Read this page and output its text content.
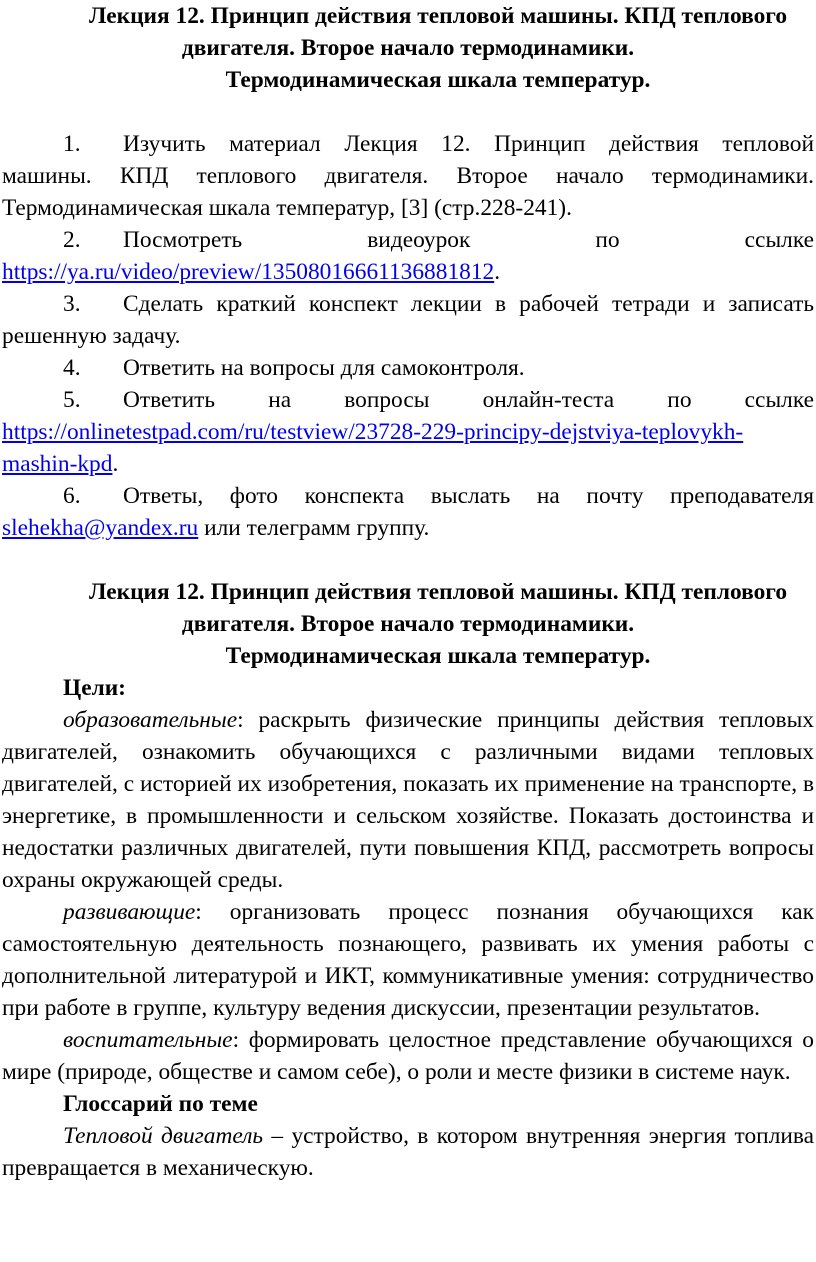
Лекция 12. Принцип действия тепловой машины. КПД теплового
двигателя. Второе начало термодинамики.
Термодинамическая шкала температур.

1. Изучить материал Лекция 12. Принцип действия тепловой

машины. КПД теплового двигателя. Второе начало термодинамики.

Термодинамическая шкала температур, [3] (стр.228-241).

2. Посмотреть видеоурок по ссылке

https://ya.ru/video/preview/13508016661136881812.

3. Сделать краткий конспект лекции в рабочей тетради и записать

решенную задачу.

4. Ответить на вопросы для самоконтроля.

5. Ответить на вопросы онлайн-теста по ссылке

https://onlinetestpad.com/ru/testview/23728-229-principy-dejstviya-teplovykh-

mashin-kpd.

6. Ответы, фото конспекта выслать на почту преподавателя

slehekha@yandex.ru или телеграмм группу.

Лекция 12. Принцип действия тепловой машины. КПД теплового
двигателя. Второе начало термодинамики.
Термодинамическая шкала температур.

Цели:

образовательные: раскрыть физические принципы действия тепловых двигателей, ознакомить обучающихся с различными видами тепловых двигателей, с историей их изобретения, показать их применение на транспорте, в энергетике, в промышленности и сельском хозяйстве. Показать достоинства и недостатки различных двигателей, пути повышения КПД, рассмотреть вопросы охраны окружающей среды.

развивающие: организовать процесс познания обучающихся как самостоятельную деятельность познающего, развивать их умения работы с дополнительной литературой и ИКТ, коммуникативные умения: сотрудничество при работе в группе, культуру ведения дискуссии, презентации результатов.

воспитательные: формировать целостное представление обучающихся о мире (природе, обществе и самом себе), о роли и месте физики в системе наук.

Глоссарий по теме

Тепловой двигатель – устройство, в котором внутренняя энергия топлива превращается в механическую.
